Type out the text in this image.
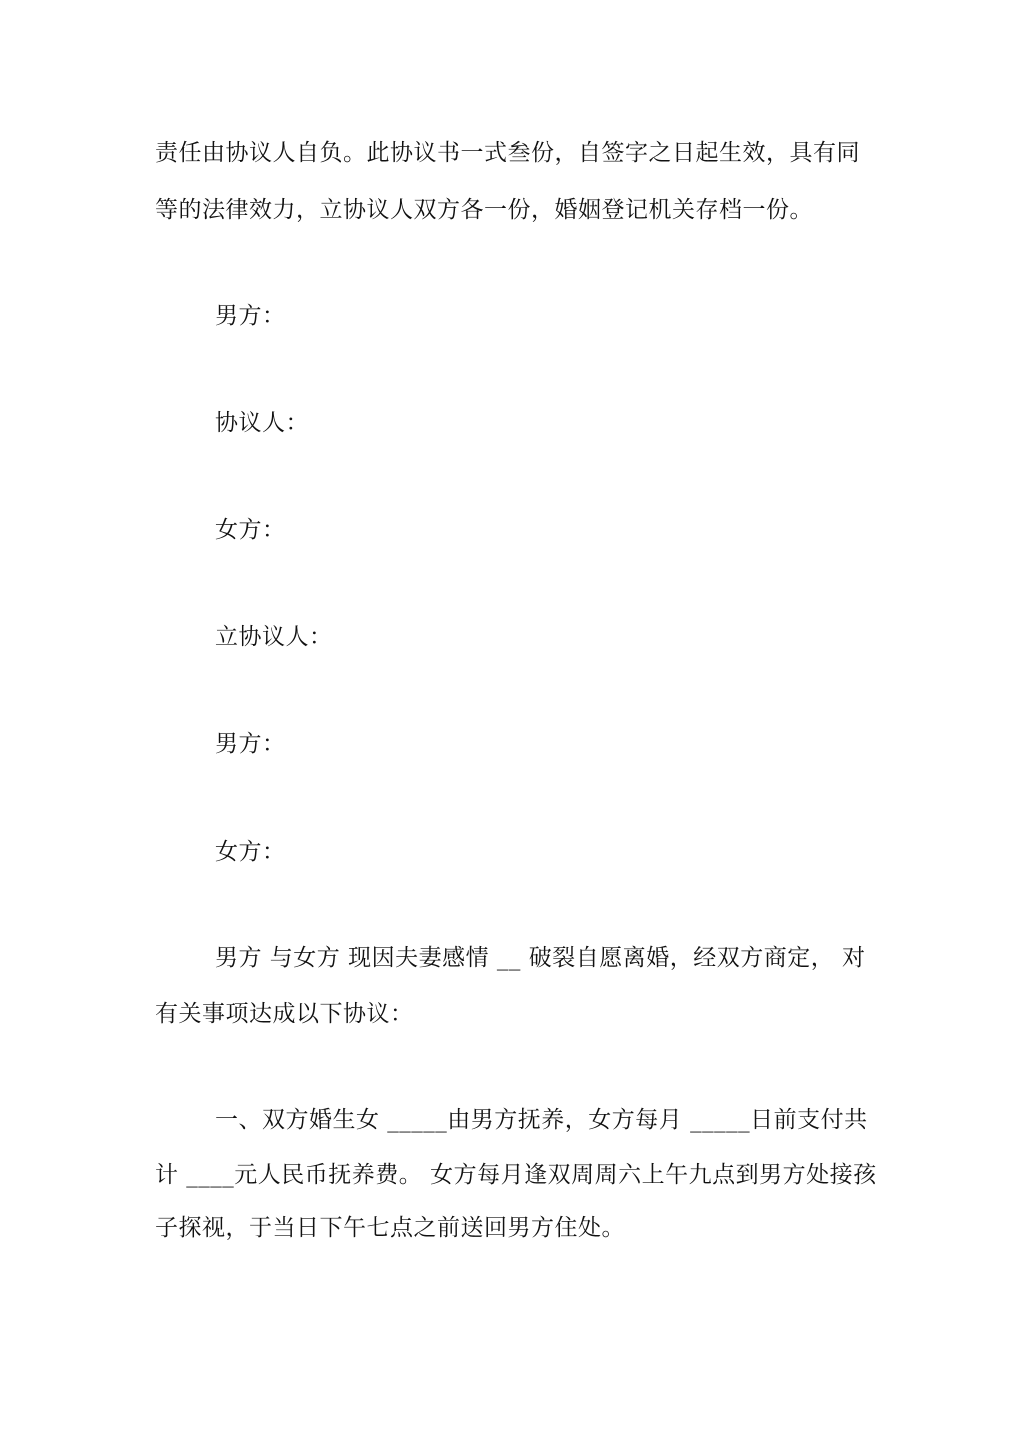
责任由协议人自负。此协议书一式叁份，自签字之日起生效，具有同
等的法律效力，立协议人双方各一份，婚姻登记机关存档一份。
男方：
协议人：
女方：
立协议人：
男方：
女方：
男方 与女方 现因夫妻感情 __ 破裂自愿离婚，经双方商定， 对
有关事项达成以下协议：
一、双方婚生女 _____由男方抚养，女方每月 _____日前支付共
计 ____元人民币抚养费。 女方每月逢双周周六上午九点到男方处接孩
子探视，于当日下午七点之前送回男方住处。
